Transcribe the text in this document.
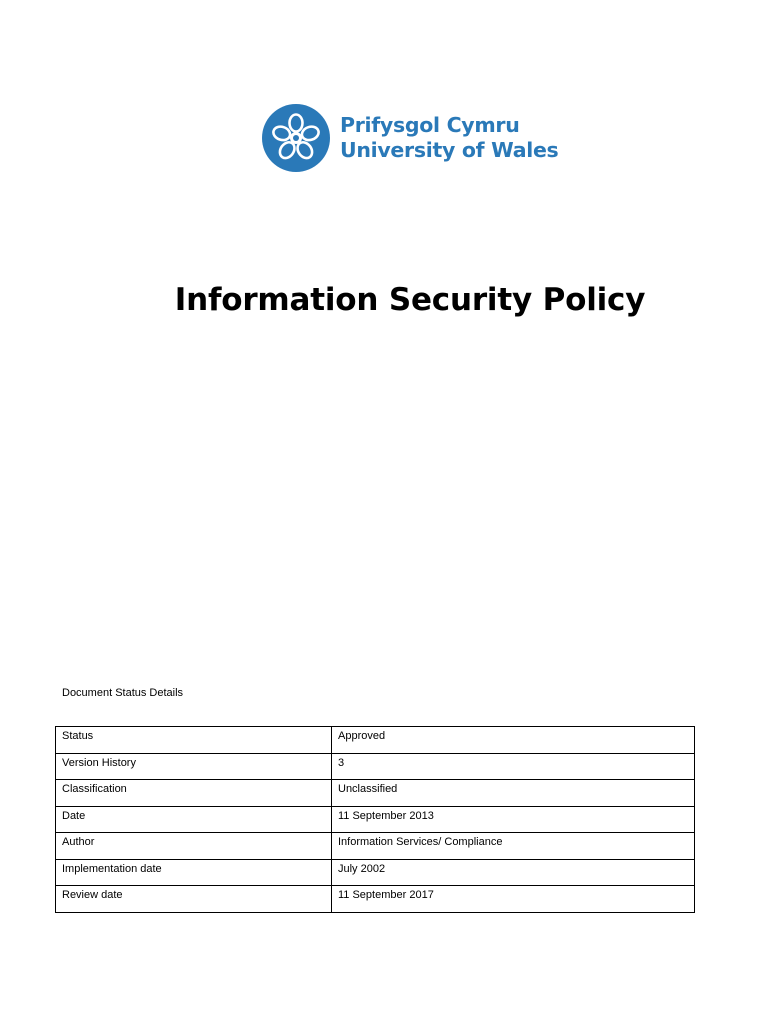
Prifysgol Cymru
University of Wales
Information Security Policy
Document Status Details
Status	Approved
Version History	3
Classification	Unclassified
Date	11 September 2013
Author	Information Services/ Compliance
Implementation date	July 2002
Review date	11 September 2017
